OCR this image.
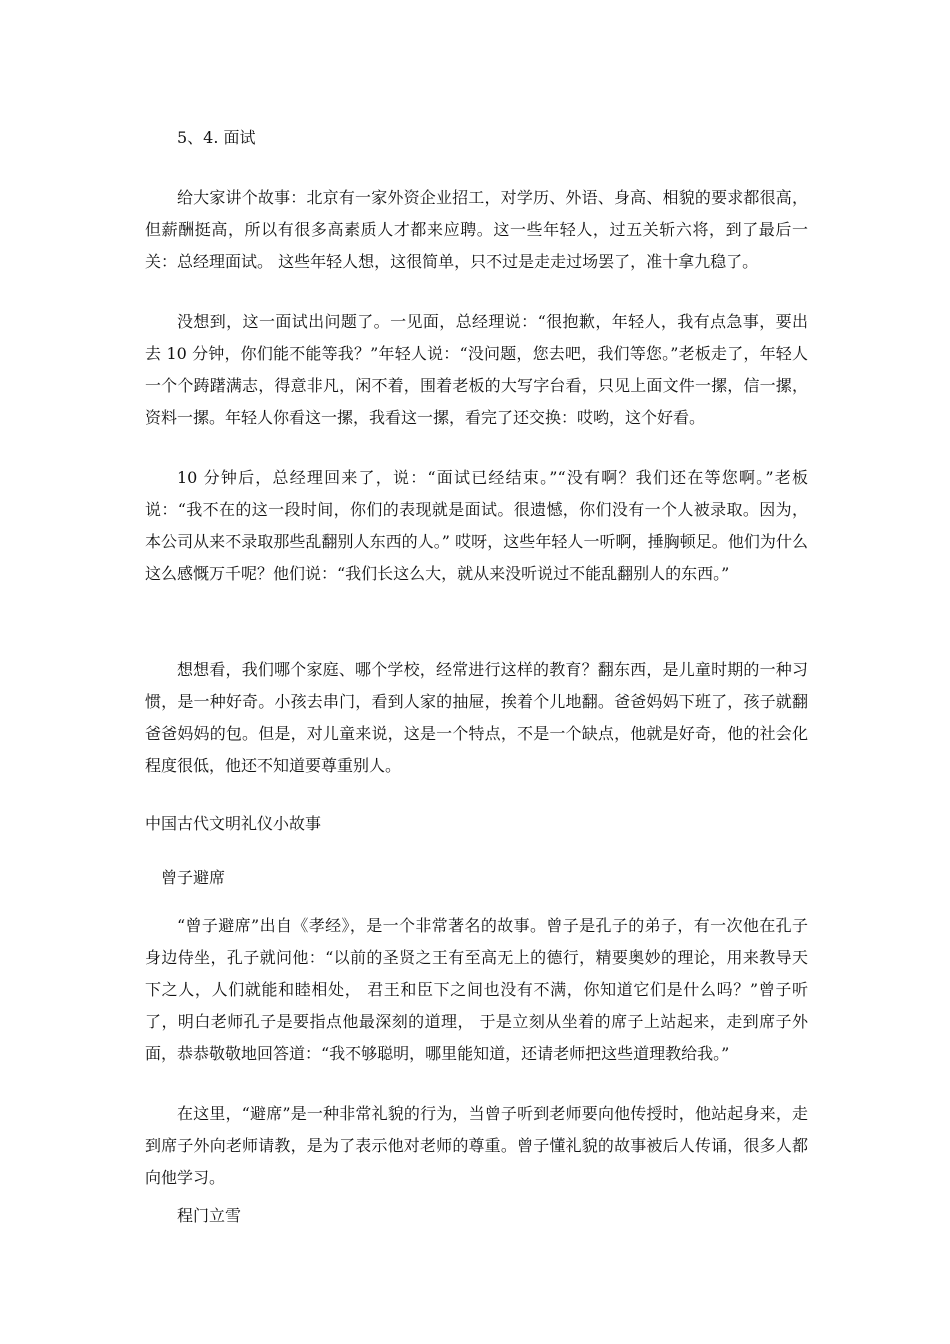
5、4. 面试

给大家讲个故事：北京有一家外资企业招工，对学历、外语、身高、相貌的要求都很高，但薪酬挺高，所以有很多高素质人才都来应聘。这一些年轻人，过五关斩六将，到了最后一关：总经理面试。 这些年轻人想，这很简单，只不过是走走过场罢了，准十拿九稳了。

没想到，这一面试出问题了。一见面，总经理说：“很抱歉，年轻人，我有点急事，要出去 10 分钟，你们能不能等我？”年轻人说：“没问题，您去吧，我们等您。”老板走了，年轻人一个个踌躇满志，得意非凡，闲不着，围着老板的大写字台看，只见上面文件一摞，信一摞，资料一摞。年轻人你看这一摞，我看这一摞，看完了还交换：哎哟，这个好看。

10 分钟后，总经理回来了，说：“面试已经结束。”“没有啊？我们还在等您啊。”老板说：“我不在的这一段时间，你们的表现就是面试。很遗憾，你们没有一个人被录取。因为，本公司从来不录取那些乱翻别人东西的人。” 哎呀，这些年轻人一听啊，捶胸顿足。他们为什么这么感慨万千呢？他们说：“我们长这么大，就从来没听说过不能乱翻别人的东西。”

想想看，我们哪个家庭、哪个学校，经常进行这样的教育？翻东西，是儿童时期的一种习惯，是一种好奇。小孩去串门，看到人家的抽屉，挨着个儿地翻。爸爸妈妈下班了，孩子就翻爸爸妈妈的包。但是，对儿童来说，这是一个特点，不是一个缺点，他就是好奇，他的社会化程度很低，他还不知道要尊重别人。

中国古代文明礼仪小故事

曾子避席

“曾子避席”出自《孝经》，是一个非常著名的故事。曾子是孔子的弟子，有一次他在孔子身边侍坐，孔子就问他：“以前的圣贤之王有至高无上的德行，精要奥妙的理论，用来教导天下之人，人们就能和睦相处， 君王和臣下之间也没有不满，你知道它们是什么吗？”曾子听了，明白老师孔子是要指点他最深刻的道理， 于是立刻从坐着的席子上站起来，走到席子外面，恭恭敬敬地回答道：“我不够聪明，哪里能知道，还请老师把这些道理教给我。”

在这里，“避席”是一种非常礼貌的行为，当曾子听到老师要向他传授时，他站起身来，走到席子外向老师请教，是为了表示他对老师的尊重。曾子懂礼貌的故事被后人传诵，很多人都向他学习。

程门立雪
